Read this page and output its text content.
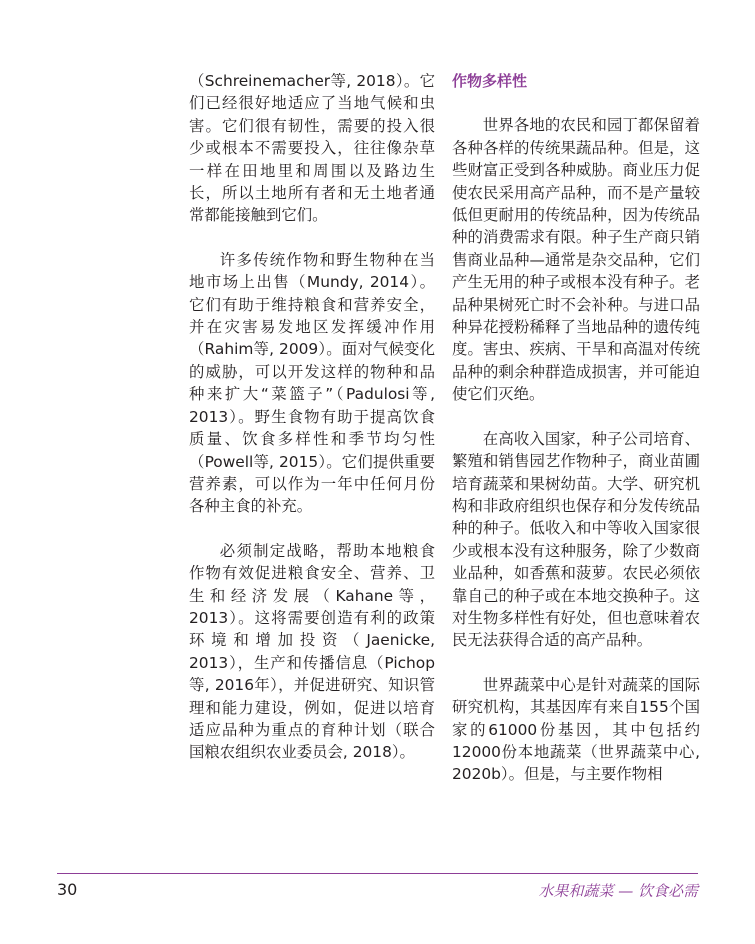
（Schreinemacher等, 2018）。它们已经很好地适应了当地气候和虫害。它们很有韧性，需要的投入很少或根本不需要投入，往往像杂草一样在田地里和周围以及路边生长，所以土地所有者和无土地者通常都能接触到它们。

许多传统作物和野生物种在当地市场上出售（Mundy, 2014）。它们有助于维持粮食和营养安全，并在灾害易发地区发挥缓冲作用（Rahim等, 2009）。面对气候变化的威胁，可以开发这样的物种和品种来扩大“菜篮子”（Padulosi等, 2013）。野生食物有助于提高饮食质量、饮食多样性和季节均匀性（Powell等, 2015）。它们提供重要营养素，可以作为一年中任何月份各种主食的补充。

必须制定战略，帮助本地粮食作物有效促进粮食安全、营养、卫生和经济发展（Kahane等，2013）。这将需要创造有利的政策环境和增加投资（Jaenicke, 2013），生产和传播信息（Pichop等, 2016年），并促进研究、知识管理和能力建设，例如，促进以培育适应品种为重点的育种计划（联合国粮农组织农业委员会, 2018）。

作物多样性

世界各地的农民和园丁都保留着各种各样的传统果蔬品种。但是，这些财富正受到各种威胁。商业压力促使农民采用高产品种，而不是产量较低但更耐用的传统品种，因为传统品种的消费需求有限。种子生产商只销售商业品种—通常是杂交品种，它们产生无用的种子或根本没有种子。老品种果树死亡时不会补种。与进口品种异花授粉稀释了当地品种的遗传纯度。害虫、疾病、干旱和高温对传统品种的剩余种群造成损害，并可能迫使它们灭绝。

在高收入国家，种子公司培育、繁殖和销售园艺作物种子，商业苗圃培育蔬菜和果树幼苗。大学、研究机构和非政府组织也保存和分发传统品种的种子。低收入和中等收入国家很少或根本没有这种服务，除了少数商业品种，如香蕉和菠萝。农民必须依靠自己的种子或在本地交换种子。这对生物多样性有好处，但也意味着农民无法获得合适的高产品种。

世界蔬菜中心是针对蔬菜的国际研究机构，其基因库有来自155个国家的61000份基因，其中包括约12000份本地蔬菜（世界蔬菜中心, 2020b）。但是，与主要作物相

30	水果和蔬菜 — 饮食必需
